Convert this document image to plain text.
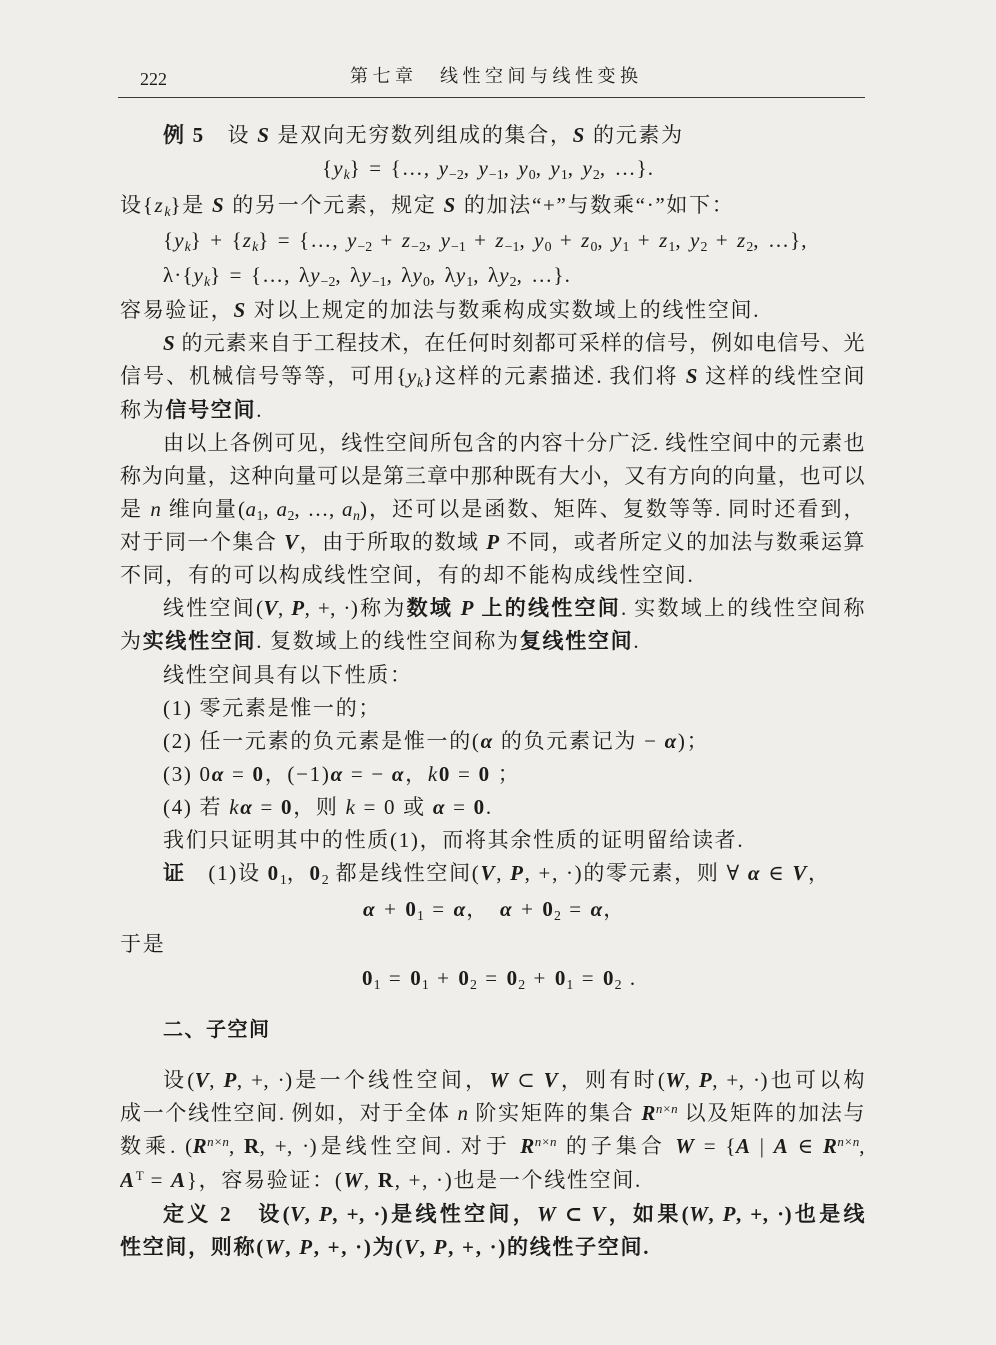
222	第七章　线性空间与线性变换
例 5　设 S 是双向无穷数列组成的集合，S 的元素为
$\{y_k\}$ = {…, $y_{-2}$, $y_{-1}$, $y_0$, $y_1$, $y_2$, …}.
设$\{z_k\}$是 S 的另一个元素，规定 S 的加法“+”与数乘“·”如下：
$\{y_k\} + \{z_k\}$ = {…, $y_{-2} + z_{-2}$, $y_{-1} + z_{-1}$, $y_0 + z_0$, $y_1 + z_1$, $y_2 + z_2$, …},
$\lambda\cdot\{y_k\}$ = {…, $\lambda y_{-2}$, $\lambda y_{-1}$, $\lambda y_0$, $\lambda y_1$, $\lambda y_2$, …}.
容易验证，S 对以上规定的加法与数乘构成实数域上的线性空间.
S 的元素来自于工程技术，在任何时刻都可采样的信号，例如电信号、光
信号、机械信号等等，可用$\{y_k\}$这样的元素描述. 我们将 S 这样的线性空间
称为信号空间.
由以上各例可见，线性空间所包含的内容十分广泛. 线性空间中的元素也
称为向量，这种向量可以是第三章中那种既有大小，又有方向的向量，也可以
是 n 维向量($a_1$, $a_2$, …, $a_n$)，还可以是函数、矩阵、复数等等. 同时还看到，
对于同一个集合 V，由于所取的数域 P 不同，或者所定义的加法与数乘运算
不同，有的可以构成线性空间，有的却不能构成线性空间.
线性空间(V, P, +, ·)称为数域 P 上的线性空间. 实数域上的线性空间称
为实线性空间. 复数域上的线性空间称为复线性空间.
线性空间具有以下性质：
(1) 零元素是惟一的；
(2) 任一元素的负元素是惟一的(α 的负元素记为 − α)；
(3) 0α = 0，(−1)α = − α，k0 = 0 ；
(4) 若 kα = 0，则 k = 0 或 α = 0.
我们只证明其中的性质(1)，而将其余性质的证明留给读者.
证　(1)设 $0_1$，$0_2$ 都是线性空间(V, P, +, ·)的零元素，则 ∀ α ∈ V，
$\alpha + 0_1 = \alpha$，　$\alpha + 0_2 = \alpha$，
于是
$0_1 = 0_1 + 0_2 = 0_2 + 0_1 = 0_2$ .
二、子空间
设(V, P, +, ·)是一个线性空间，W ⊂ V，则有时(W, P, +, ·)也可以构
成一个线性空间. 例如，对于全体 n 阶实矩阵的集合 $R^{n\times n}$ 以及矩阵的加法与
数乘. ($R^{n\times n}$, R, +, ·)是线性空间. 对于 $R^{n\times n}$ 的子集合 W = {A | A ∈ $R^{n\times n}$,
$A^T = A$}，容易验证：(W, R, +, ·)也是一个线性空间.
定义 2　设(V, P, +, ·)是线性空间，W ⊂ V，如果(W, P, +, ·)也是线
性空间，则称(W, P, +, ·)为(V, P, +, ·)的线性子空间.
